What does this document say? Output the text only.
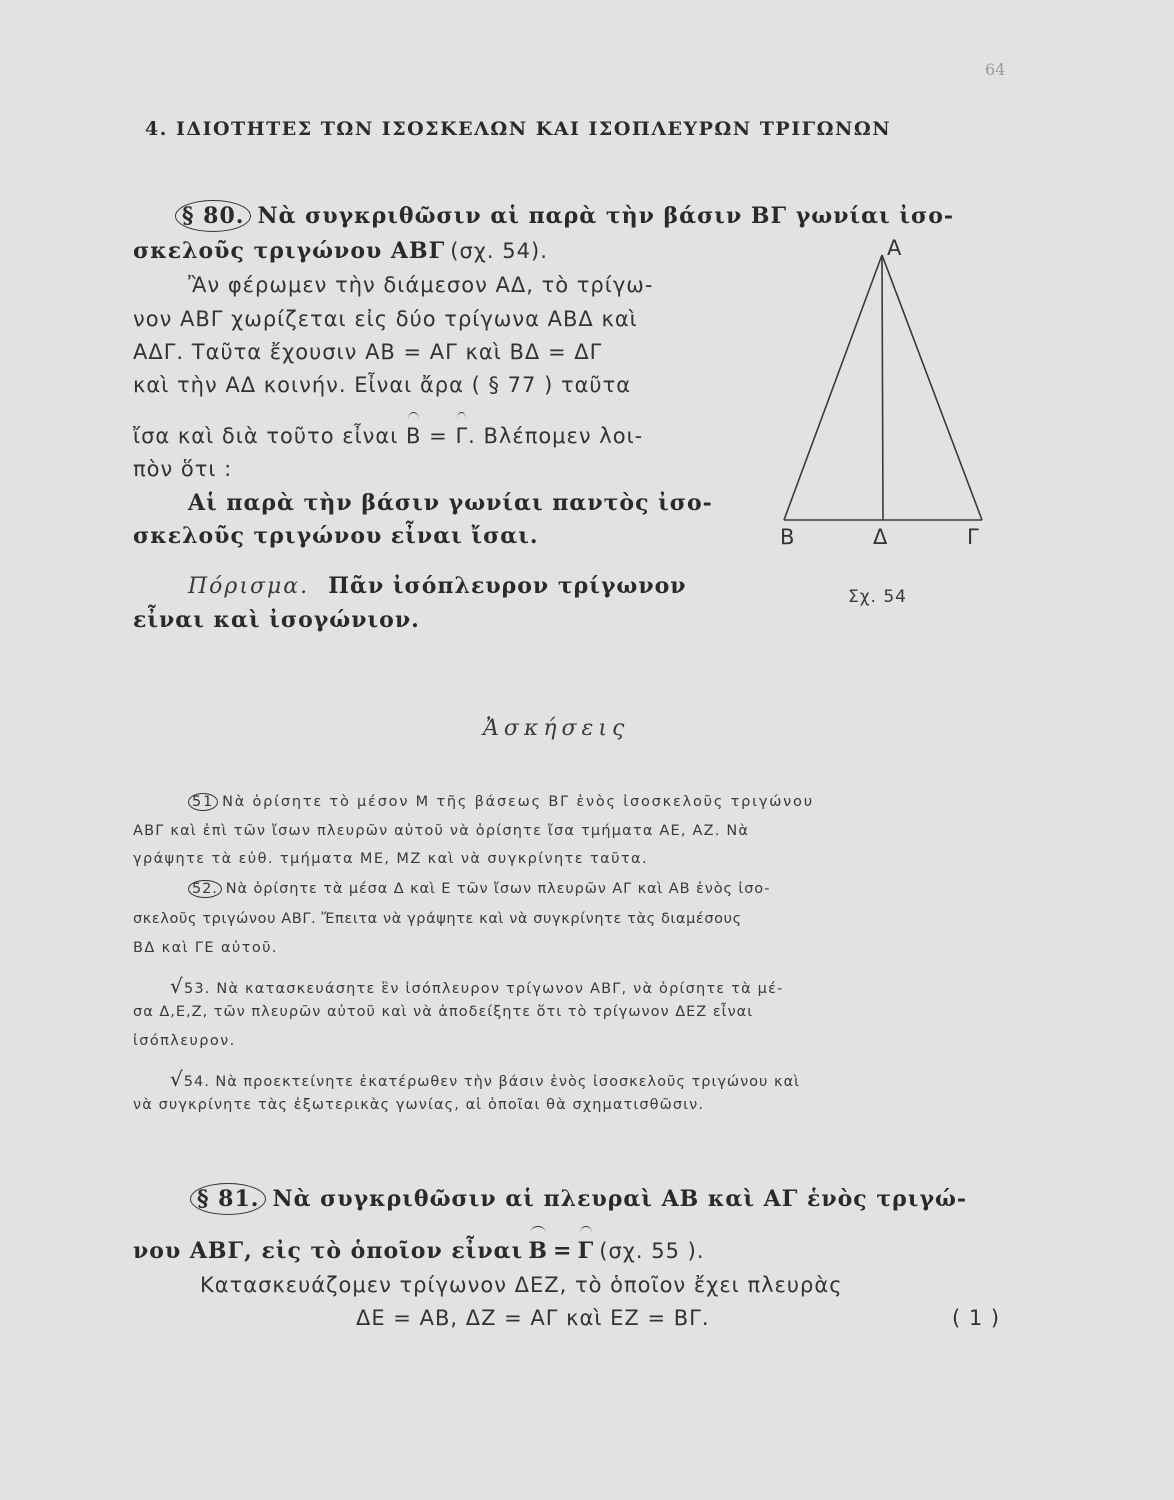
64
4. ΙΔΙΟΤΗΤΕΣ ΤΩΝ ΙΣΟΣΚΕΛΩΝ ΚΑΙ ΙΣΟΠΛΕΥΡΩΝ ΤΡΙΓΩΝΩΝ
§ 80. Νὰ συγκριθῶσιν αἱ παρὰ τὴν βάσιν ΒΓ γωνίαι ἰσο-
σκελοῦς τριγώνου ΑΒΓ (σχ. 54).
Ἂν φέρωμεν τὴν διάμεσον ΑΔ, τὸ τρίγω-
νον ΑΒΓ χωρίζεται εἰς δύο τρίγωνα ΑΒΔ καὶ
ΑΔΓ. Ταῦτα ἔχουσιν ΑΒ = ΑΓ καὶ ΒΔ = ΔΓ
καὶ τὴν ΑΔ κοινήν. Εἶναι ἄρα ( § 77 ) ταῦτα
ἴσα καὶ διὰ τοῦτο εἶναι Β = Γ. Βλέπομεν λοι-
πὸν ὅτι :
Αἱ παρὰ τὴν βάσιν γωνίαι παντὸς ἰσο-
σκελοῦς τριγώνου εἶναι ἴσαι.
Πόρισμα. Πᾶν ἰσόπλευρον τρίγωνον
εἶναι καὶ ἰσογώνιον.
Α
Β	Δ	Γ
Σχ. 54
Ἀσκήσεις
51 Νὰ ὁρίσητε τὸ μέσον Μ τῆς βάσεως ΒΓ ἑνὸς ἰσοσκελοῦς τριγώνου
ΑΒΓ καὶ ἐπὶ τῶν ἴσων πλευρῶν αὐτοῦ νὰ ὁρίσητε ἴσα τμήματα ΑΕ, ΑΖ. Νὰ
γράψητε τὰ εὐθ. τμήματα ΜΕ, ΜΖ καὶ νὰ συγκρίνητε ταῦτα.
52. Νὰ ὁρίσητε τὰ μέσα Δ καὶ Ε τῶν ἴσων πλευρῶν ΑΓ καὶ ΑΒ ἑνὸς ἰσο-
σκελοῦς τριγώνου ΑΒΓ. Ἔπειτα νὰ γράψητε καὶ νὰ συγκρίνητε τὰς διαμέσους
ΒΔ καὶ ΓΕ αὐτοῦ.
√53. Νὰ κατασκευάσητε ἓν ἰσόπλευρον τρίγωνον ΑΒΓ, νὰ ὁρίσητε τὰ μέ-
σα Δ,Ε,Ζ, τῶν πλευρῶν αὐτοῦ καὶ νὰ ἀποδείξητε ὅτι τὸ τρίγωνον ΔΕΖ εἶναι
ἰσόπλευρον.
√54. Νὰ προεκτείνητε ἑκατέρωθεν τὴν βάσιν ἑνὸς ἰσοσκελοῦς τριγώνου καὶ
νὰ συγκρίνητε τὰς ἐξωτερικὰς γωνίας, αἱ ὁποῖαι θὰ σχηματισθῶσιν.
§ 81. Νὰ συγκριθῶσιν αἱ πλευραὶ ΑΒ καὶ ΑΓ ἑνὸς τριγώ-
νου ΑΒΓ, εἰς τὸ ὁποῖον εἶναι Β = Γ (σχ. 55 ).
Κατασκευάζομεν τρίγωνον ΔΕΖ, τὸ ὁποῖον ἔχει πλευρὰς
ΔΕ = ΑΒ, ΔΖ = ΑΓ καὶ ΕΖ = ΒΓ.	( 1 )
